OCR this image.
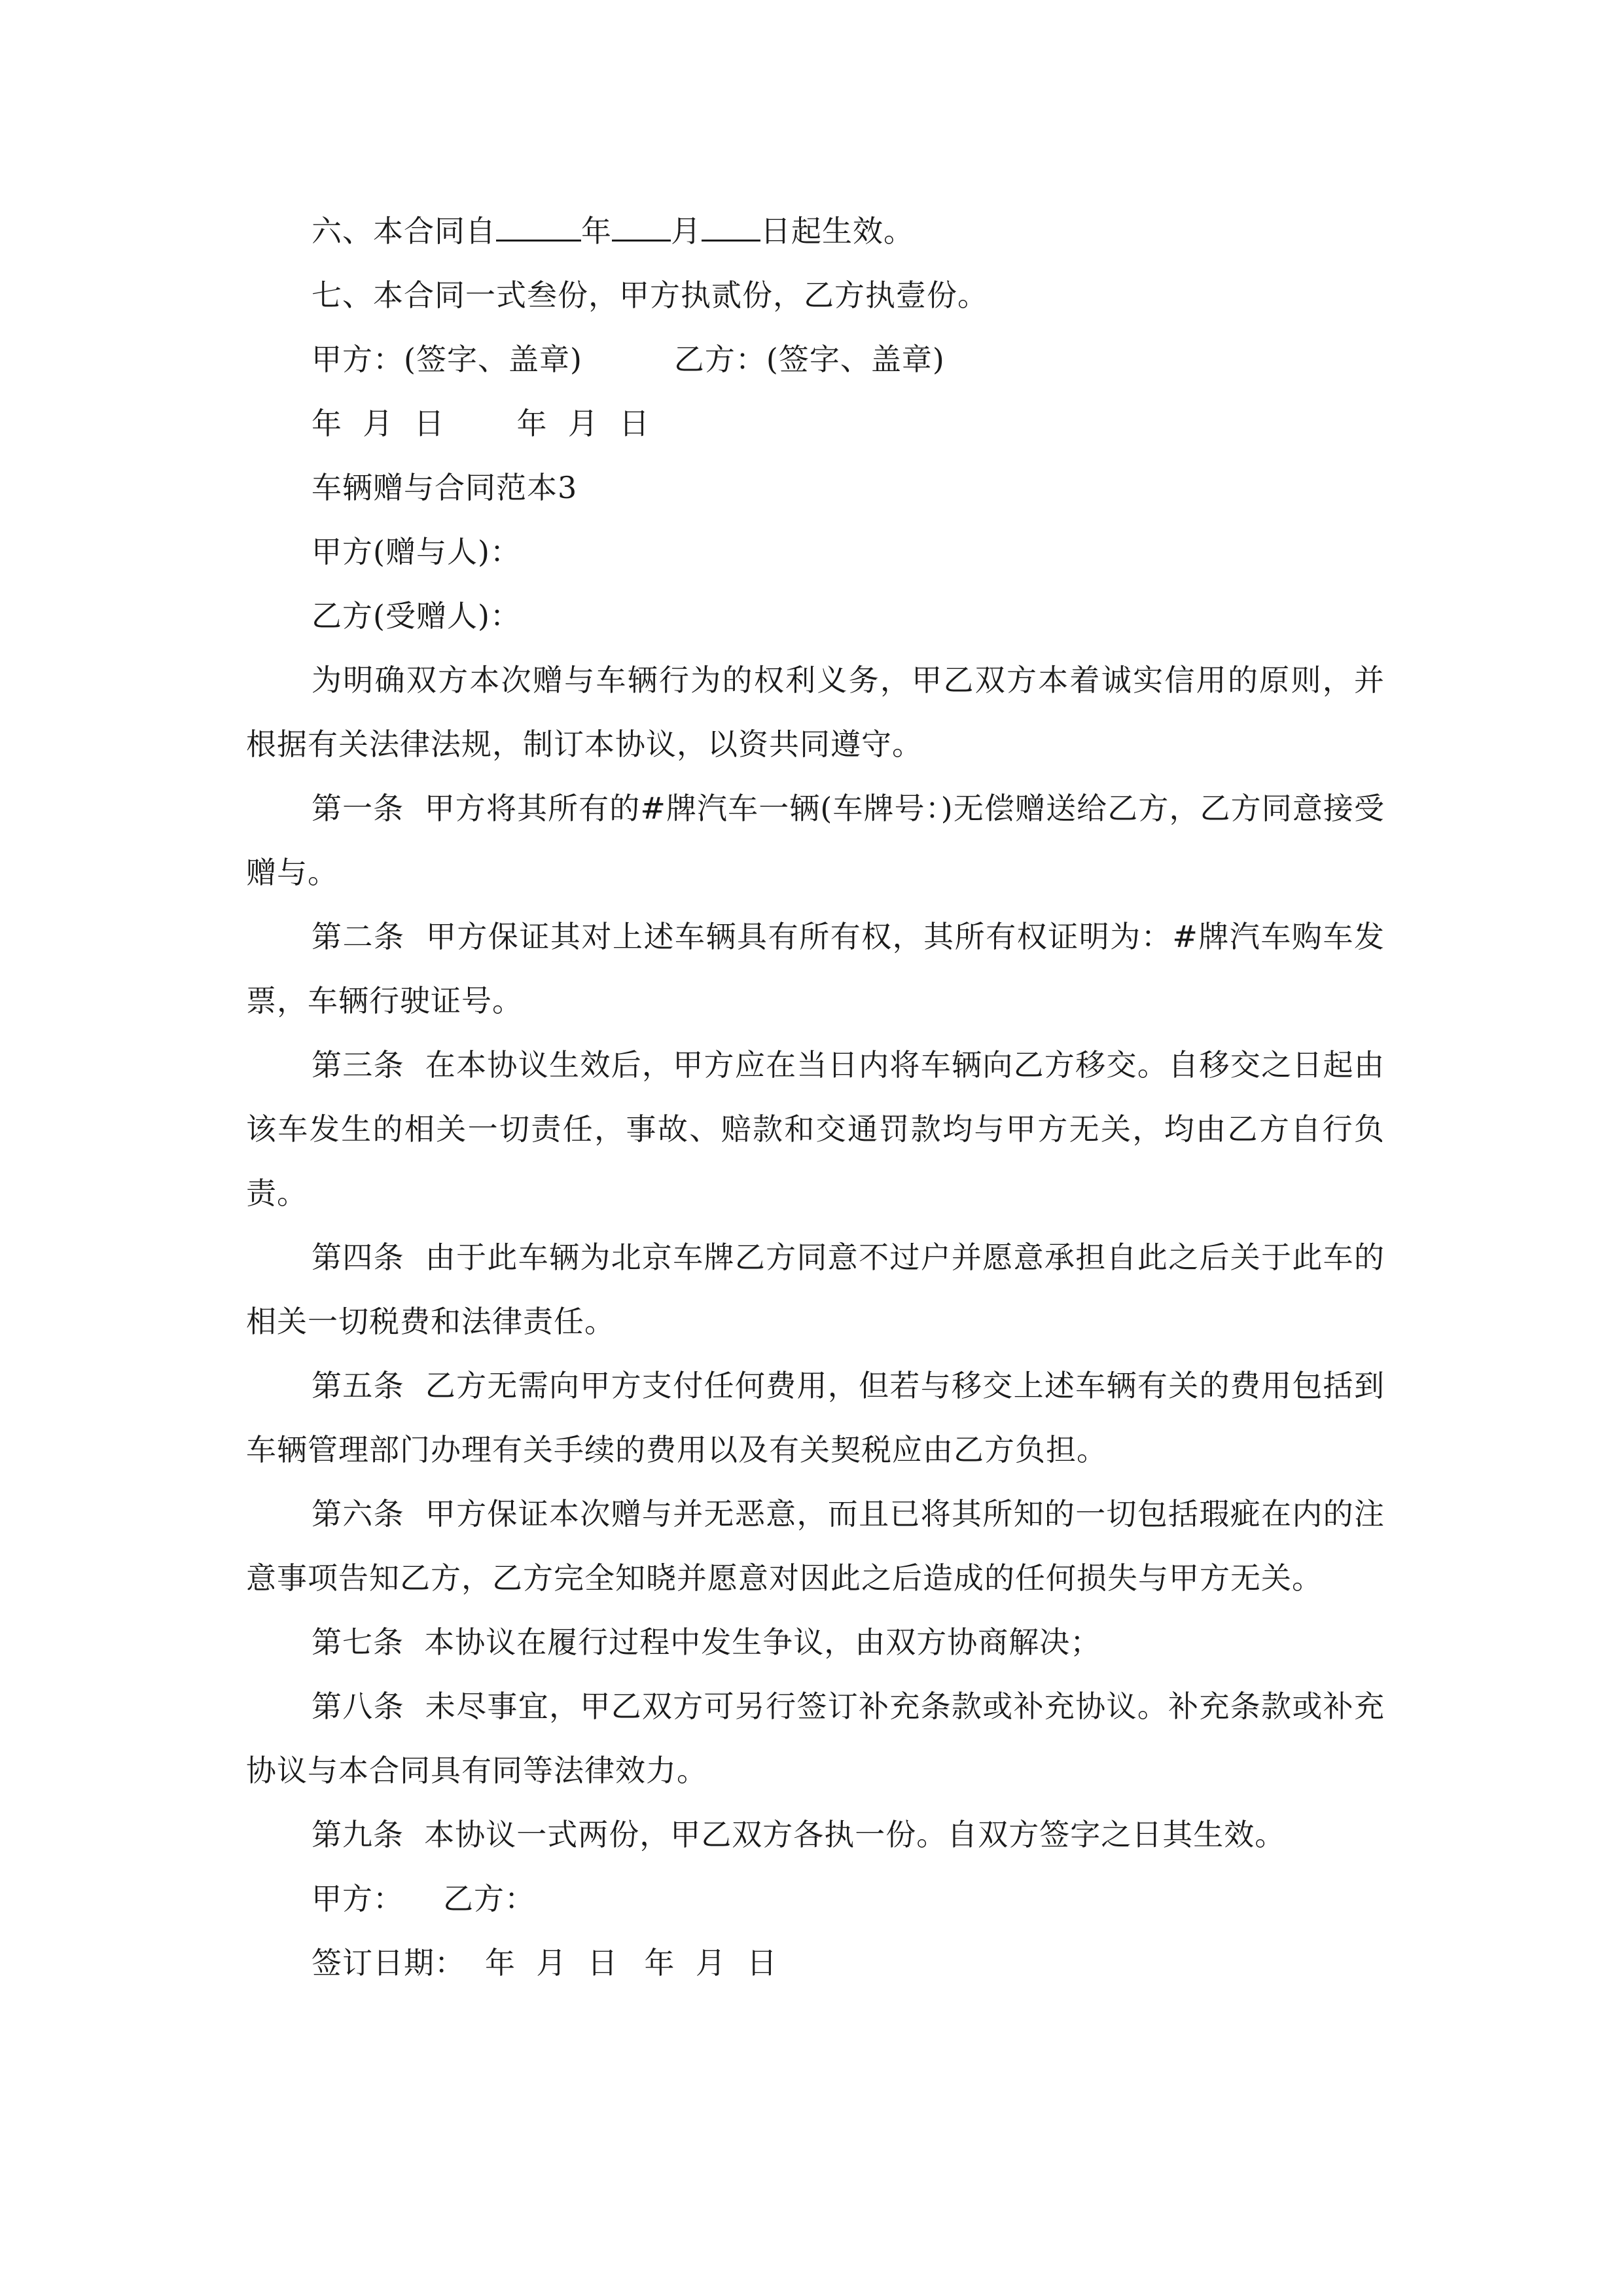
六、本合同自	年 月 日起生效。
七、本合同一式叁份，甲方执贰份，乙方执壹份。
甲方：(签字、盖章)	乙方：(签字、盖章)
年  月  日 年  月  日
车辆赠与合同范本3
甲方(赠与人)：
乙方(受赠人)：
为明确双方本次赠与车辆行为的权利义务，甲乙双方本着诚实信用的原则，并根据有关法律法规，制订本协议，以资共同遵守。
第一条  甲方将其所有的#牌汽车一辆(车牌号：)无偿赠送给乙方，乙方同意接受赠与。
第二条  甲方保证其对上述车辆具有所有权，其所有权证明为：#牌汽车购车发票，车辆行驶证号。
第三条  在本协议生效后，甲方应在当日内将车辆向乙方移交。自移交之日起由该车发生的相关一切责任，事故、赔款和交通罚款均与甲方无关，均由乙方自行负责。
第四条  由于此车辆为北京车牌乙方同意不过户并愿意承担自此之后关于此车的相关一切税费和法律责任。
第五条  乙方无需向甲方支付任何费用，但若与移交上述车辆有关的费用包括到车辆管理部门办理有关手续的费用以及有关契税应由乙方负担。
第六条  甲方保证本次赠与并无恶意，而且已将其所知的一切包括瑕疵在内的注意事项告知乙方，乙方完全知晓并愿意对因此之后造成的任何损失与甲方无关。
第七条  本协议在履行过程中发生争议，由双方协商解决；
第八条  未尽事宜，甲乙双方可另行签订补充条款或补充协议。补充条款或补充协议与本合同具有同等法律效力。
第九条  本协议一式两份，甲乙双方各执一份。自双方签字之日其生效。
甲方： 乙方：
签订日期： 年  月  日 年  月  日
